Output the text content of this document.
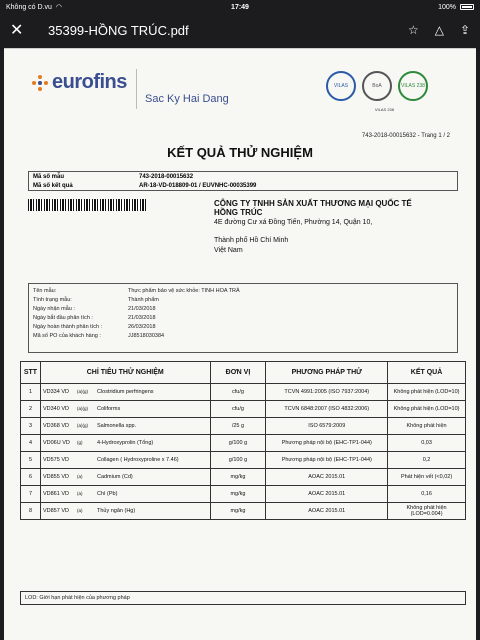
Không có D.vu ◠	17:49	100%
✕	35399-HỒNG TRÚC.pdf	☆ △ ⇪
eurofins
Sac Ky Hai Dang
VILAS	BoA	VILAS 238
VILAS 238
743-2018-00015632 - Trang 1 / 2
KẾT QUẢ THỬ NGHIỆM
Mã số mẫu	743-2018-00015632
Mã số kết quả	AR-18-VD-018809-01 / EUVNHC-00035399
CÔNG TY TNHH SẢN XUẤT THƯƠNG MẠI QUỐC TẾ
HỒNG TRÚC
4E đường Cư xá Đồng Tiến, Phường 14, Quận 10,
Thành phố Hồ Chí Minh
Việt Nam
Tên mẫu:	Thực phẩm bảo vệ sức khỏe: TINH HOA TRÀ
Tình trạng mẫu:	Thành phẩm
Ngày nhận mẫu :	21/03/2018
Ngày bắt đầu phân tích :	21/03/2018
Ngày hoàn thành phân tích :	26/03/2018
Mã số PO của khách hàng :	JJ8518030384
STT	CHỈ TIÊU THỬ NGHIỆM	ĐƠN VỊ	PHƯƠNG PHÁP THỬ	KẾT QUẢ
1	VD334 VD (a)(g) Clostridium perfringens	cfu/g	TCVN 4991:2005 (ISO 7937:2004)	Không phát hiện (LOD=10)
2	VD340 VD (a)(g) Coliforms	cfu/g	TCVN 6848:2007 (ISO 4832:2006)	Không phát hiện (LOD=10)
3	VD368 VD (a)(g) Salmonella spp.	/25 g	ISO 6579:2009	Không phát hiện
4	VD06U VD (g) 4-Hydroxyprolin (Tổng)	g/100 g	Phương pháp nội bộ (EHC-TP1-044)	0,03
5	VD575 VD Collagen ( Hydroxyproline x 7.46)	g/100 g	Phương pháp nội bộ (EHC-TP1-044)	0,2
6	VD855 VD (a) Cadmium (Cd)	mg/kg	AOAC 2015.01	Phát hiện vết (<0,02)
7	VD861 VD (a) Chì (Pb)	mg/kg	AOAC 2015.01	0,16
8	VD857 VD (a) Thủy ngân (Hg)	mg/kg	AOAC 2015.01	Không phát hiện (LOD=0.004)
LOD: Giới hạn phát hiện của phương pháp
